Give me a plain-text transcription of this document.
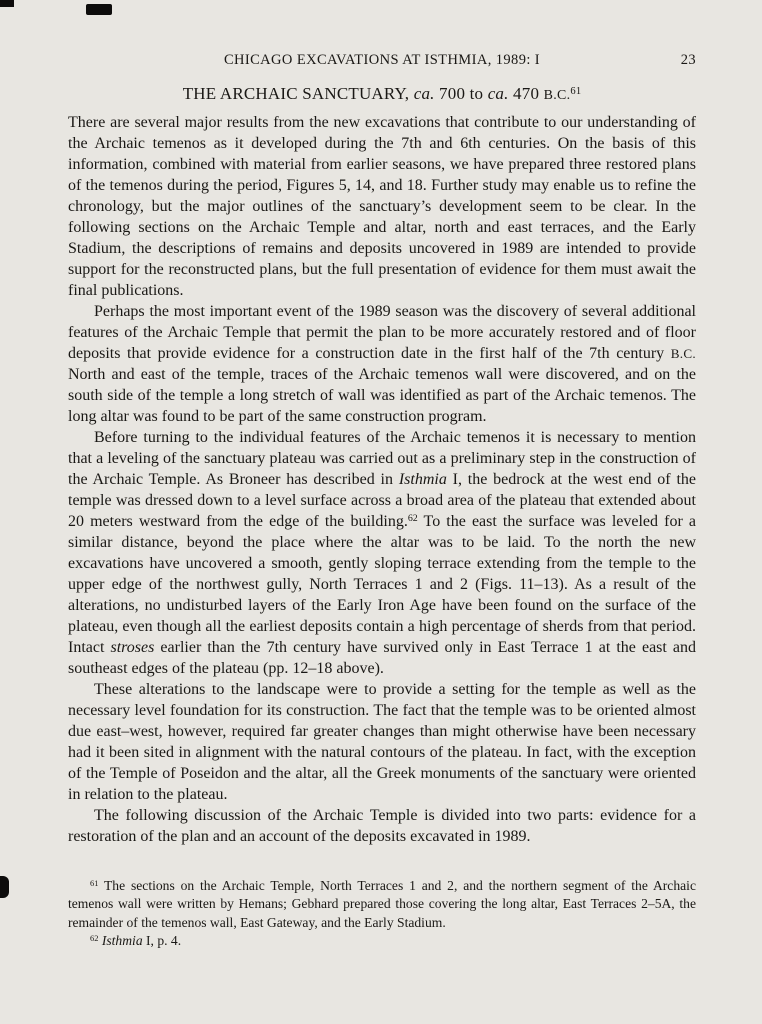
CHICAGO EXCAVATIONS AT ISTHMIA, 1989: I	23
THE ARCHAIC SANCTUARY, ca. 700 to ca. 470 B.C.$^{61}$

There are several major results from the new excavations that contribute to our understanding of the Archaic temenos as it developed during the 7th and 6th centuries. On the basis of this information, combined with material from earlier seasons, we have prepared three restored plans of the temenos during the period, Figures 5, 14, and 18. Further study may enable us to refine the chronology, but the major outlines of the sanctuary’s development seem to be clear. In the following sections on the Archaic Temple and altar, north and east terraces, and the Early Stadium, the descriptions of remains and deposits uncovered in 1989 are intended to provide support for the reconstructed plans, but the full presentation of evidence for them must await the final publications.

Perhaps the most important event of the 1989 season was the discovery of several additional features of the Archaic Temple that permit the plan to be more accurately restored and of floor deposits that provide evidence for a construction date in the first half of the 7th century B.C. North and east of the temple, traces of the Archaic temenos wall were discovered, and on the south side of the temple a long stretch of wall was identified as part of the Archaic temenos. The long altar was found to be part of the same construction program.

Before turning to the individual features of the Archaic temenos it is necessary to mention that a leveling of the sanctuary plateau was carried out as a preliminary step in the construction of the Archaic Temple. As Broneer has described in Isthmia I, the bedrock at the west end of the temple was dressed down to a level surface across a broad area of the plateau that extended about 20 meters westward from the edge of the building.$^{62}$ To the east the surface was leveled for a similar distance, beyond the place where the altar was to be laid. To the north the new excavations have uncovered a smooth, gently sloping terrace extending from the temple to the upper edge of the northwest gully, North Terraces 1 and 2 (Figs. 11–13). As a result of the alterations, no undisturbed layers of the Early Iron Age have been found on the surface of the plateau, even though all the earliest deposits contain a high percentage of sherds from that period. Intact stroses earlier than the 7th century have survived only in East Terrace 1 at the east and southeast edges of the plateau (pp. 12–18 above).

These alterations to the landscape were to provide a setting for the temple as well as the necessary level foundation for its construction. The fact that the temple was to be oriented almost due east–west, however, required far greater changes than might otherwise have been necessary had it been sited in alignment with the natural contours of the plateau. In fact, with the exception of the Temple of Poseidon and the altar, all the Greek monuments of the sanctuary were oriented in relation to the plateau.

The following discussion of the Archaic Temple is divided into two parts: evidence for a restoration of the plan and an account of the deposits excavated in 1989.

$^{61}$ The sections on the Archaic Temple, North Terraces 1 and 2, and the northern segment of the Archaic temenos wall were written by Hemans; Gebhard prepared those covering the long altar, East Terraces 2–5A, the remainder of the temenos wall, East Gateway, and the Early Stadium.

$^{62}$ Isthmia I, p. 4.
